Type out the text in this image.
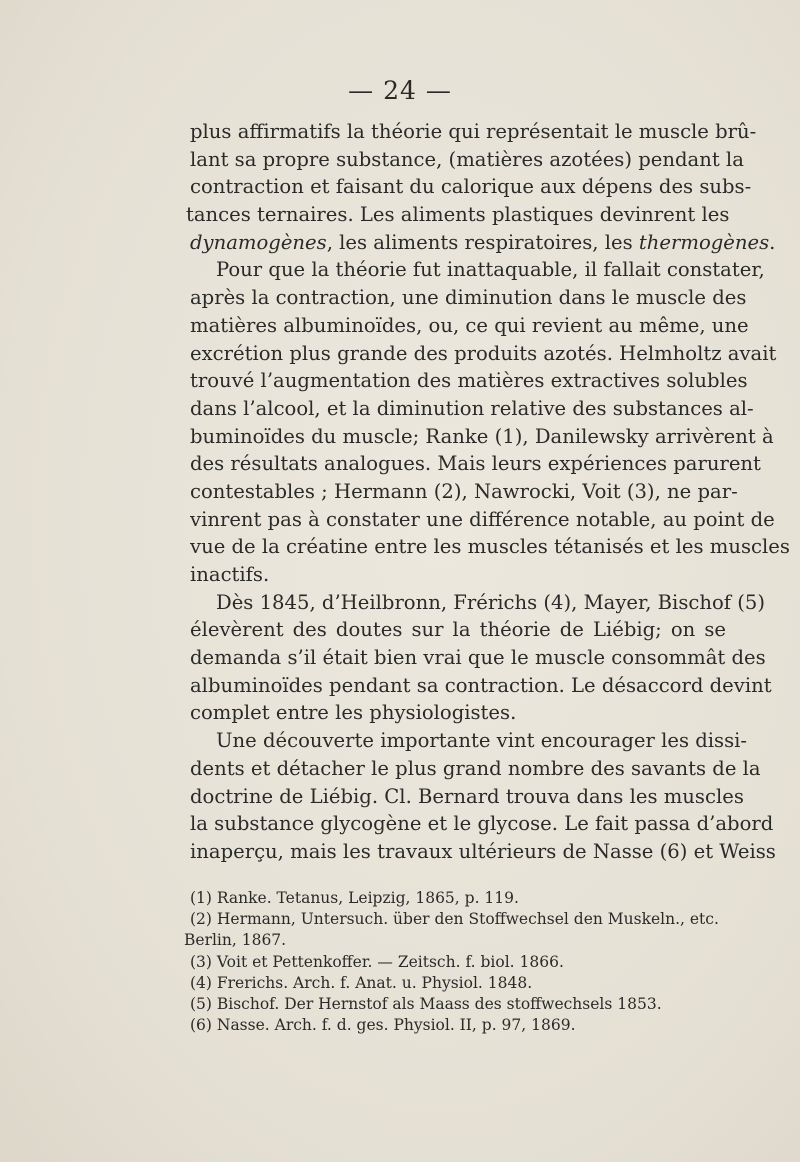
— 24 —
plus affirmatifs la théorie qui représentait le muscle brû-
lant sa propre substance, (matières azotées) pendant la
contraction et faisant du calorique aux dépens des subs-
tances ternaires. Les aliments plastiques devinrent les
dynamogènes, les aliments respiratoires, les thermogènes.
Pour que la théorie fut inattaquable, il fallait constater,
après la contraction, une diminution dans le muscle des
matières albuminoïdes, ou, ce qui revient au même, une
excrétion plus grande des produits azotés. Helmholtz avait
trouvé l’augmentation des matières extractives solubles
dans l’alcool, et la diminution relative des substances al-
buminoïdes du muscle; Ranke (1), Danilewsky arrivèrent à
des résultats analogues. Mais leurs expériences parurent
contestables ; Hermann (2), Nawrocki, Voit (3), ne par-
vinrent pas à constater une différence notable, au point de
vue de la créatine entre les muscles tétanisés et les muscles
inactifs.
Dès 1845, d’Heilbronn, Frérichs (4), Mayer, Bischof (5)
élevèrent des doutes sur la théorie de Liébig; on se
demanda s’il était bien vrai que le muscle consommât des
albuminoïdes pendant sa contraction. Le désaccord devint
complet entre les physiologistes.
Une découverte importante vint encourager les dissi-
dents et détacher le plus grand nombre des savants de la
doctrine de Liébig. Cl. Bernard trouva dans les muscles
la substance glycogène et le glycose. Le fait passa d’abord
inaperçu, mais les travaux ultérieurs de Nasse (6) et Weiss
(1) Ranke. Tetanus, Leipzig, 1865, p. 119.
(2) Hermann, Untersuch. über den Stoffwechsel den Muskeln., etc.
Berlin, 1867.
(3) Voit et Pettenkoffer. — Zeitsch. f. biol. 1866.
(4) Frerichs. Arch. f. Anat. u. Physiol. 1848.
(5) Bischof. Der Hernstof als Maass des stoffwechsels 1853.
(6) Nasse. Arch. f. d. ges. Physiol. II, p. 97, 1869.
